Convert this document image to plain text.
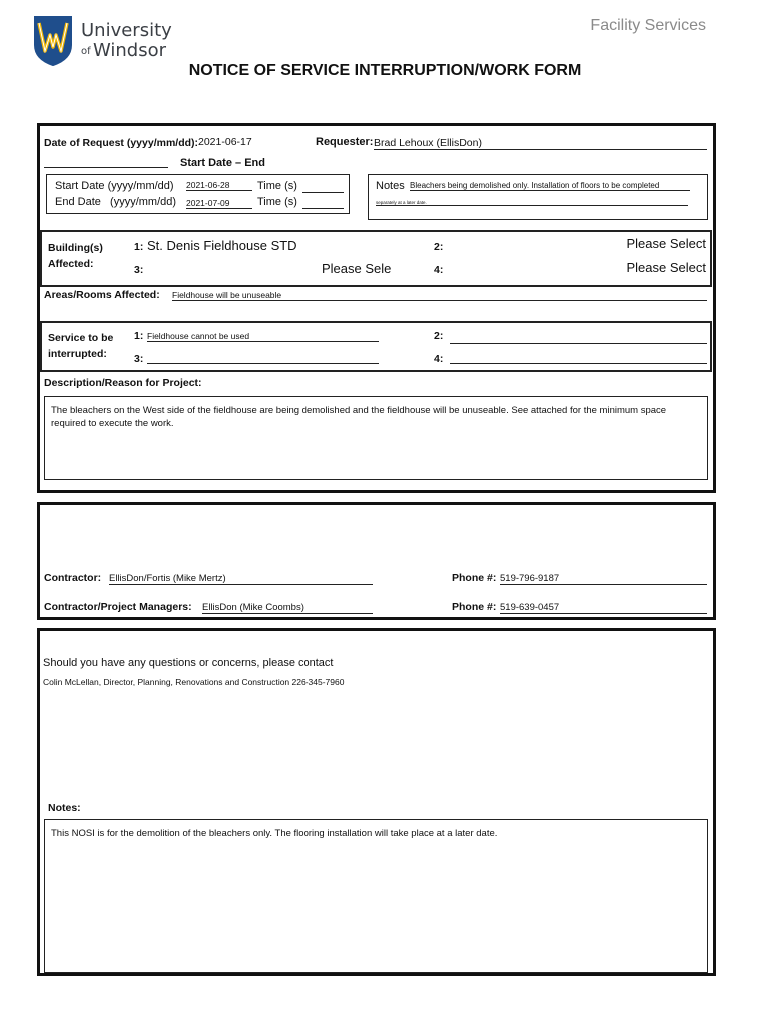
University
of Windsor
Facility Services
NOTICE OF SERVICE INTERRUPTION/WORK FORM
Date of Request (yyyy/mm/dd): 2021-06-17	Requester: Brad Lehoux (EllisDon)
Start Date – End
Start Date (yyyy/mm/dd) 2021-06-28	Time (s)
End Date   (yyyy/mm/dd) 2021-07-09	Time (s)
Notes Bleachers being demolished only. Installation of floors to be completed
separately at a later date.
Building(s)
Affected:
1: St. Denis Fieldhouse STD	2:	Please Select
3:	Please Sele	4:	Please Select
Areas/Rooms Affected: Fieldhouse will be unuseable
Service to be
interrupted:
1: Fieldhouse cannot be used	2:
3:	4:
Description/Reason for Project:
The bleachers on the West side of the fieldhouse are being demolished and the fieldhouse will be unuseable. See attached for the minimum space required to execute the work.
Contractor: EllisDon/Fortis (Mike Mertz)	Phone #: 519-796-9187
Contractor/Project Managers: EllisDon (Mike Coombs)	Phone #: 519-639-0457
Should you have any questions or concerns, please contact
Colin McLellan, Director, Planning, Renovations and Construction 226-345-7960
Notes:
This NOSI is for the demolition of the bleachers only. The flooring installation will take place at a later date.
